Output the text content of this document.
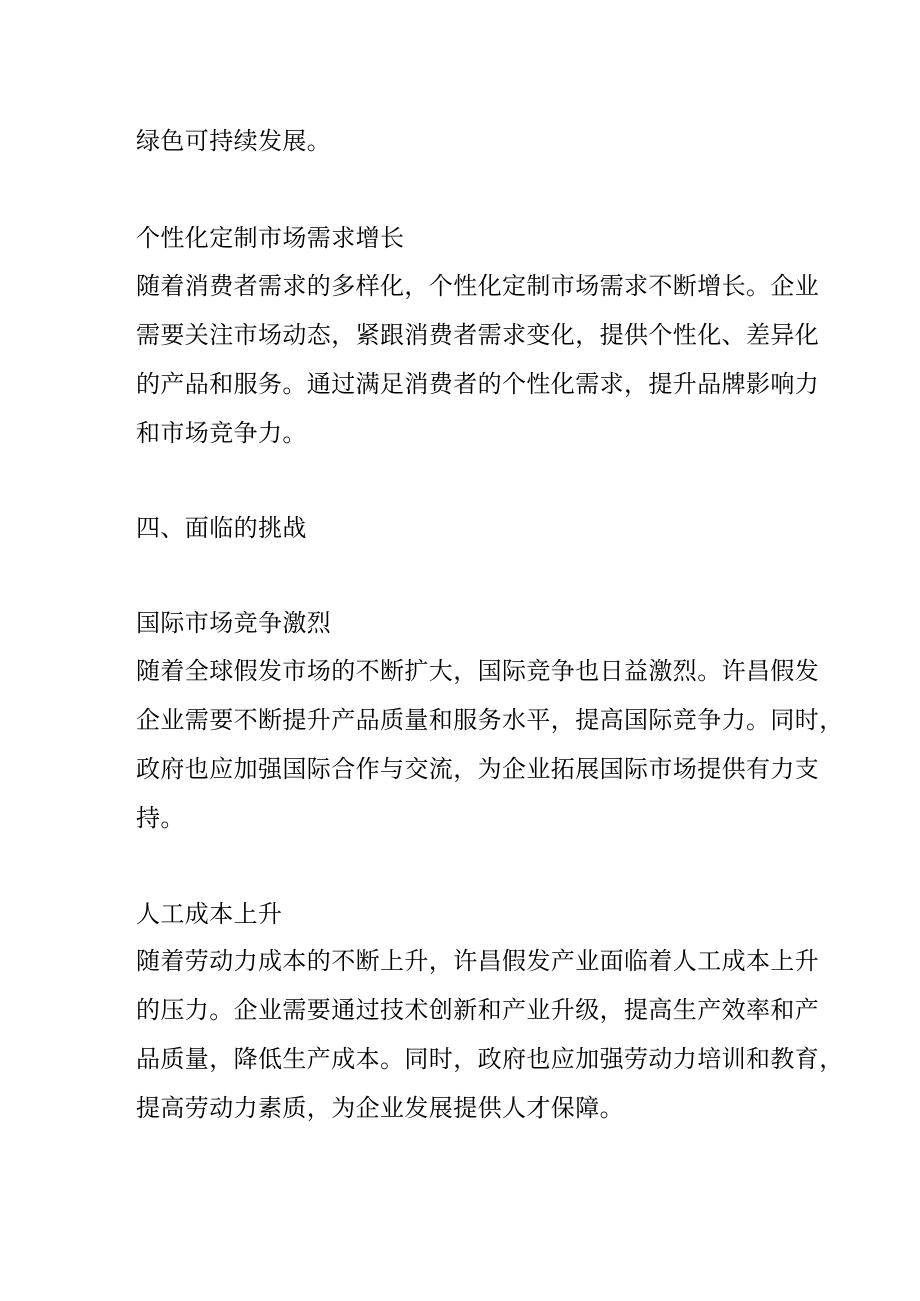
绿色可持续发展。
个性化定制市场需求增长
随着消费者需求的多样化，个性化定制市场需求不断增长。企业
需要关注市场动态，紧跟消费者需求变化，提供个性化、差异化
的产品和服务。通过满足消费者的个性化需求，提升品牌影响力
和市场竞争力。
四、面临的挑战
国际市场竞争激烈
随着全球假发市场的不断扩大，国际竞争也日益激烈。许昌假发
企业需要不断提升产品质量和服务水平，提高国际竞争力。同时，
政府也应加强国际合作与交流，为企业拓展国际市场提供有力支
持。
人工成本上升
随着劳动力成本的不断上升，许昌假发产业面临着人工成本上升
的压力。企业需要通过技术创新和产业升级，提高生产效率和产
品质量，降低生产成本。同时，政府也应加强劳动力培训和教育，
提高劳动力素质，为企业发展提供人才保障。
